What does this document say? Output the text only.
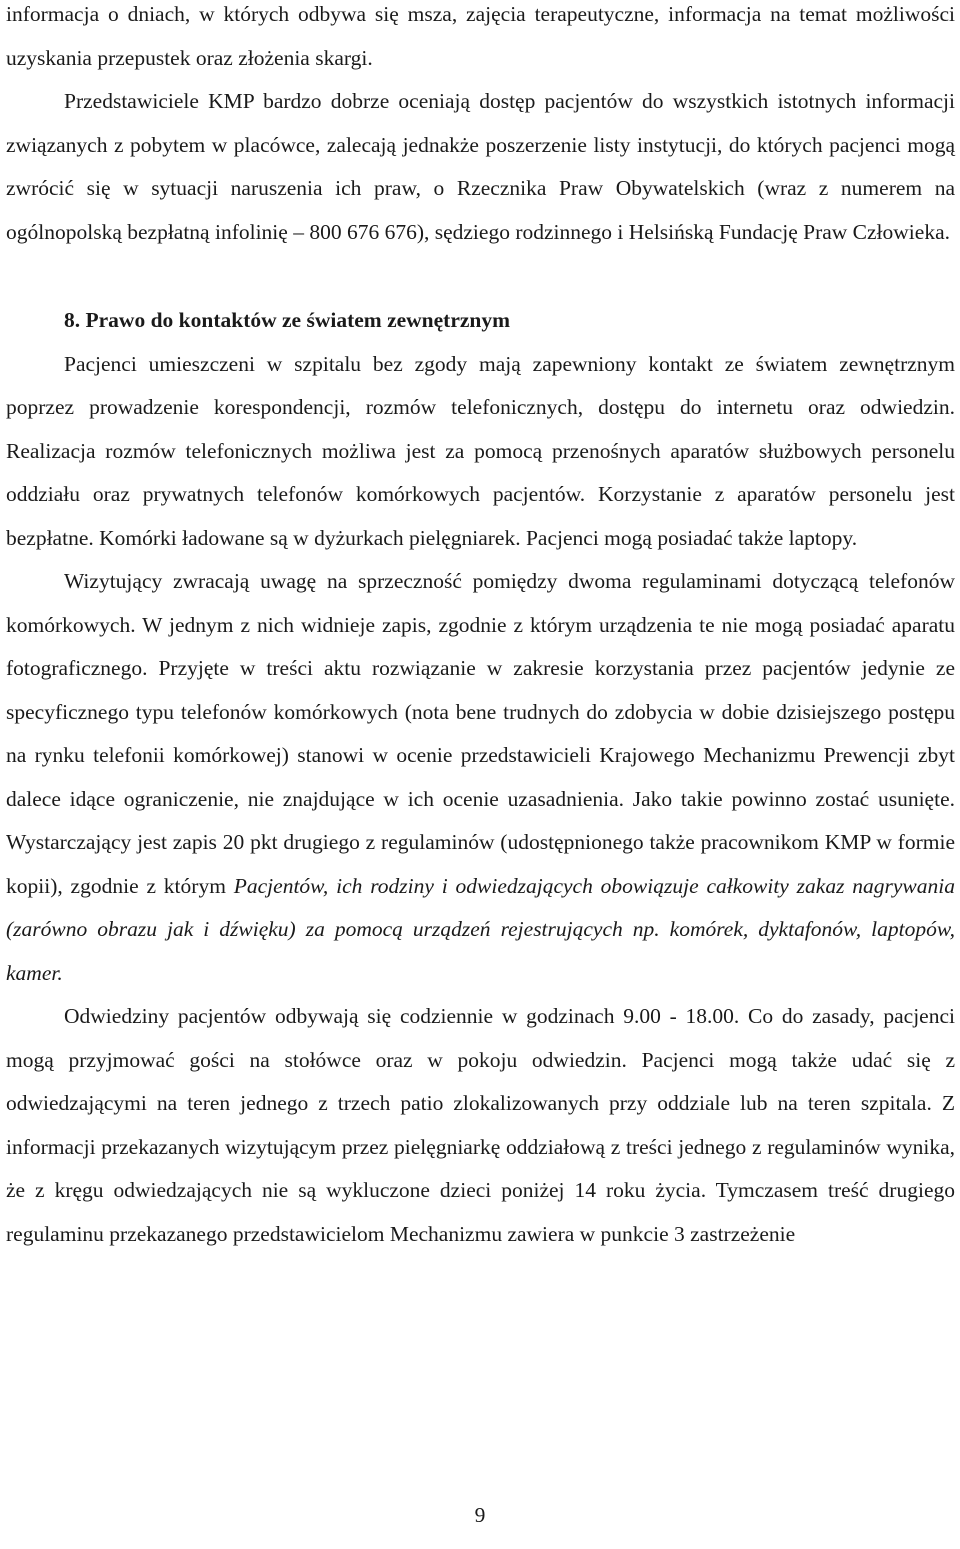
informacja o dniach, w których odbywa się msza, zajęcia terapeutyczne, informacja na temat możliwości uzyskania przepustek oraz złożenia skargi.

Przedstawiciele KMP bardzo dobrze oceniają dostęp pacjentów do wszystkich istotnych informacji związanych z pobytem w placówce, zalecają jednakże poszerzenie listy instytucji, do których pacjenci mogą zwrócić się w sytuacji naruszenia ich praw, o Rzecznika Praw Obywatelskich (wraz z numerem na ogólnopolską bezpłatną infolinię – 800 676 676), sędziego rodzinnego i Helsińską Fundację Praw Człowieka.

8. Prawo do kontaktów ze światem zewnętrznym

Pacjenci umieszczeni w szpitalu bez zgody mają zapewniony kontakt ze światem zewnętrznym poprzez prowadzenie korespondencji, rozmów telefonicznych, dostępu do internetu oraz odwiedzin. Realizacja rozmów telefonicznych możliwa jest za pomocą przenośnych aparatów służbowych personelu oddziału oraz prywatnych telefonów komórkowych pacjentów. Korzystanie z aparatów personelu jest bezpłatne. Komórki ładowane są w dyżurkach pielęgniarek. Pacjenci mogą posiadać także laptopy.

Wizytujący zwracają uwagę na sprzeczność pomiędzy dwoma regulaminami dotyczącą telefonów komórkowych. W jednym z nich widnieje zapis, zgodnie z którym urządzenia te nie mogą posiadać aparatu fotograficznego. Przyjęte w treści aktu rozwiązanie w zakresie korzystania przez pacjentów jedynie ze specyficznego typu telefonów komórkowych (nota bene trudnych do zdobycia w dobie dzisiejszego postępu na rynku telefonii komórkowej) stanowi w ocenie przedstawicieli Krajowego Mechanizmu Prewencji zbyt dalece idące ograniczenie, nie znajdujące w ich ocenie uzasadnienia. Jako takie powinno zostać usunięte. Wystarczający jest zapis 20 pkt drugiego z regulaminów (udostępnionego także pracownikom KMP w formie kopii), zgodnie z którym Pacjentów, ich rodziny i odwiedzających obowiązuje całkowity zakaz nagrywania (zarówno obrazu jak i dźwięku) za pomocą urządzeń rejestrujących np. komórek, dyktafonów, laptopów, kamer.

Odwiedziny pacjentów odbywają się codziennie w godzinach 9.00 - 18.00. Co do zasady, pacjenci mogą przyjmować gości na stołówce oraz w pokoju odwiedzin. Pacjenci mogą także udać się z odwiedzającymi na teren jednego z trzech patio zlokalizowanych przy oddziale lub na teren szpitala. Z informacji przekazanych wizytującym przez pielęgniarkę oddziałową z treści jednego z regulaminów wynika, że z kręgu odwiedzających nie są wykluczone dzieci poniżej 14 roku życia. Tymczasem treść drugiego regulaminu przekazanego przedstawicielom Mechanizmu zawiera w punkcie 3 zastrzeżenie

9
